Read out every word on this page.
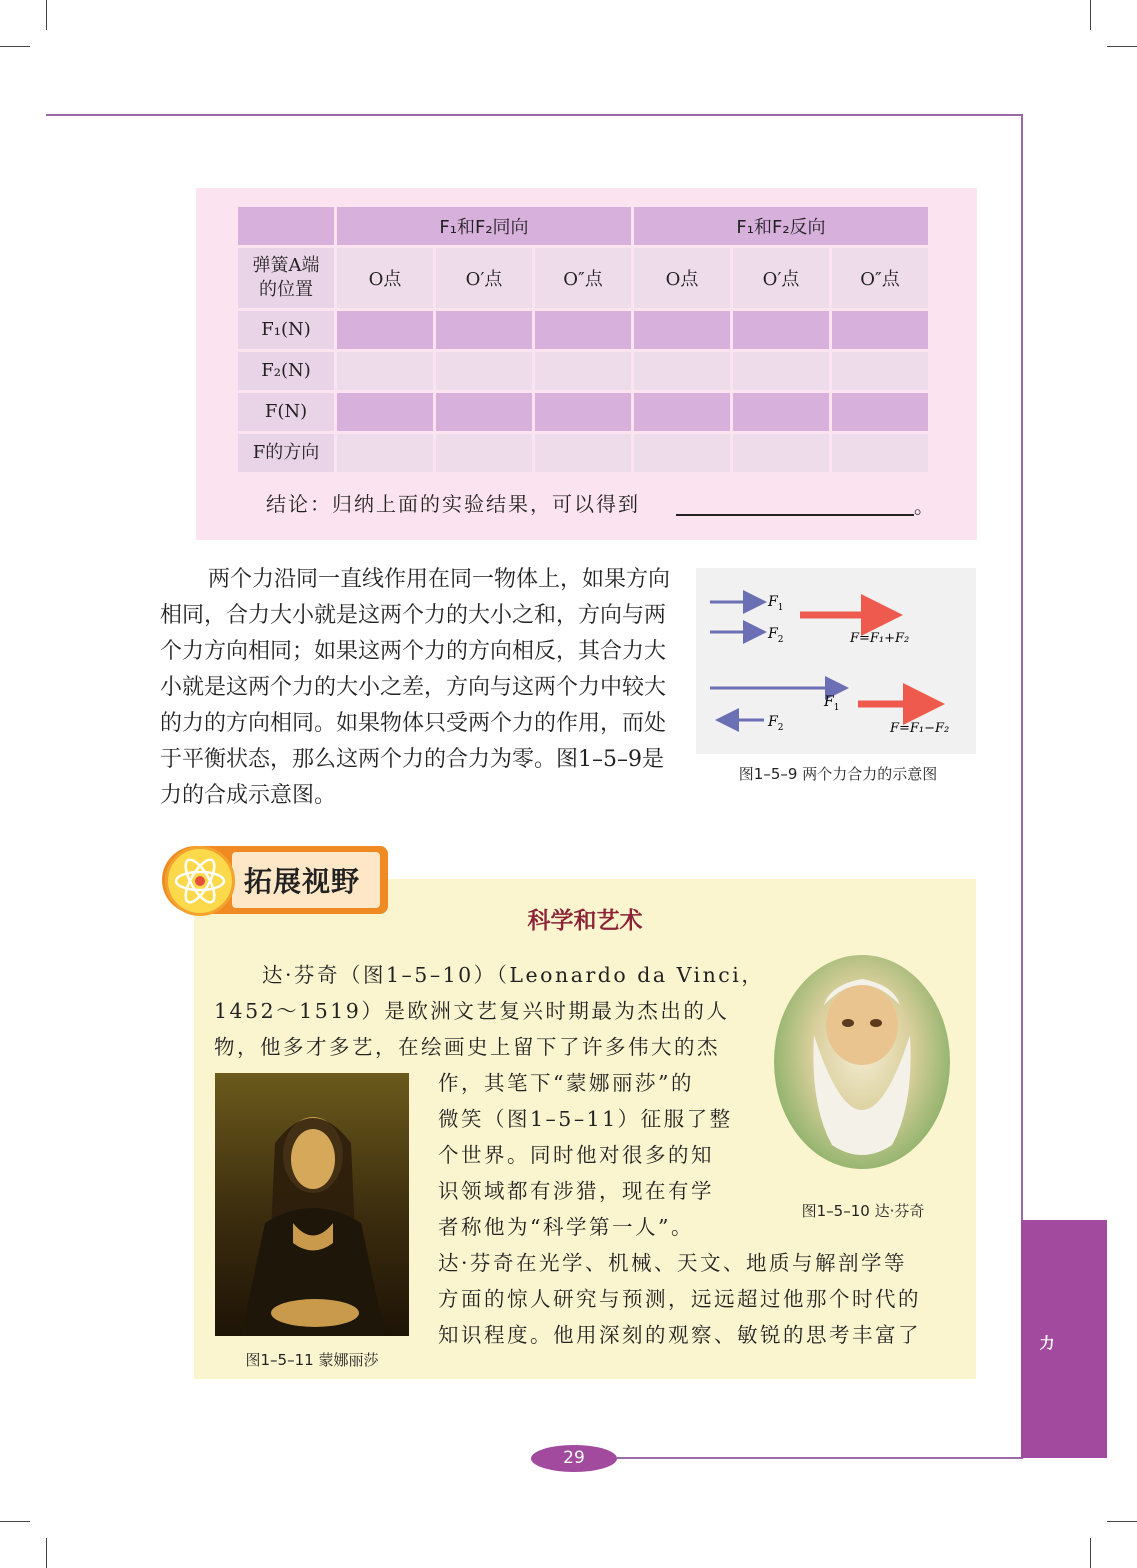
	F₁和F₂同向			F₁和F₂反向		

弹簧A端
的位置	O点	O′点	O″点	O点	O′点	O″点
F₁(N)						
F₂(N)						
F(N)						
F的方向						
结论：归纳上面的实验结果，可以得到	。

两个力沿同一直线作用在同一物体上，如果方向相同，合力大小就是这两个力的大小之和，方向与两个力方向相同；如果这两个力的方向相反，其合力大小就是这两个力的大小之差，方向与这两个力中较大的力的方向相同。如果物体只受两个力的作用，而处于平衡状态，那么这两个力的合力为零。图1–5–9是力的合成示意图。

$F_1$
$F_2$	F=F₁+F₂
$F_1$
$F_2$	F=F₁−F₂
图1–5–9 两个力合力的示意图
拓展视野
科学和艺术
达·芬奇（图1–5–10）（Leonardo da Vinci，
1452～1519）是欧洲文艺复兴时期最为杰出的人
物，他多才多艺，在绘画史上留下了许多伟大的杰
作，其笔下“蒙娜丽莎”的
微笑（图1–5–11）征服了整
个世界。同时他对很多的知
识领域都有涉猎，现在有学
者称他为“科学第一人”。
达·芬奇在光学、机械、天文、地质与解剖学等
方面的惊人研究与预测，远远超过他那个时代的
知识程度。他用深刻的观察、敏锐的思考丰富了
图1–5–11 蒙娜丽莎
图1–5–10 达·芬奇
力
29
